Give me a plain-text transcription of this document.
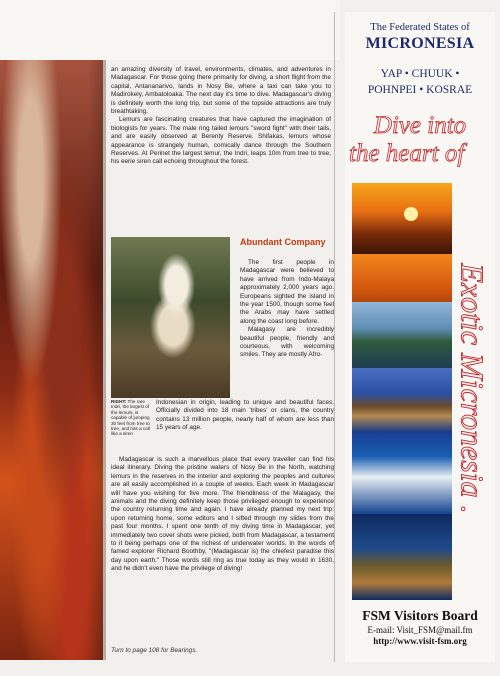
an amazing diversity of travel, environments, climates, and adventures in Madagascar. For those going there primarily for diving, a short flight from the capital, Antananarivo, lands in Nosy Be, where a taxi can take you to Madirokely, Ambatoloaka. The next day it's time to dive. Madagascar's diving is definitely worth the long trip, but some of the topside attractions are truly breathtaking.

Lemurs are fascinating creatures that have captured the imagination of biologists for years. The male ring tailed lemurs "sword fight" with their tails, and are easily observed at Berenty Reserve. Shifakas, lemurs whose appearance is strangely human, comically dance through the Southern Reserves. At Perinet the largest lemur, the Indri, leaps 10m from tree to tree, his eerie siren call echoing throughout the forest.

Abundant Company

The first people in Madagascar were believed to have arrived from Indo-Malaya approximately 2,000 years ago. Europeans sighted the island in the year 1500, though some feel the Arabs may have settled along the coast long before.

Malagasy are incredibly beautiful people, friendly and courteous, with welcoming smiles. They are mostly Afro-

RIGHT: The rare Indri, the largest of the lemurs, is capable of jumping 30 feet from tree to tree, and has a call like a siren

Indonesian in origin, leading to unique and beautiful faces. Officially divided into 18 main 'tribes' or clans, the country contains 13 million people, nearly half of whom are less than 15 years of age.

Madagascar is such a marvellous place that every traveller can find his ideal itinerary. Diving the pristine waters of Nosy Be in the North, watching lemurs in the reserves in the interior and exploring the peoples and cultures are all easily accomplished in a couple of weeks. Each week in Madagascar will have you wishing for five more. The friendliness of the Malagasy, the animals and the diving definitely keep those privileged enough to experience the country returning time and again. I have already planned my next trip: upon returning home, some editors and I sifted through my slides from the past four months. I spent one tenth of my diving time in Madagascar, yet immediately two cover shots were picked, both from Madagascar, a testament to it being perhaps one of the richest of underwater worlds. In the words of famed explorer Richard Boothby, "(Madagascar is) the chiefest paradise this day upon earth." Those words still ring as true today as they would in 1630, and he didn't even have the privilege of diving!

Turn to page 108 for Bearings.

The Federated States of

MICRONESIA

YAP • CHUUK •

POHNPEI • KOSRAE

Dive into

the heart of

Exotic Micronesia .

FSM Visitors Board

E-mail: Visit_FSM@mail.fm

http://www.visit-fsm.org
